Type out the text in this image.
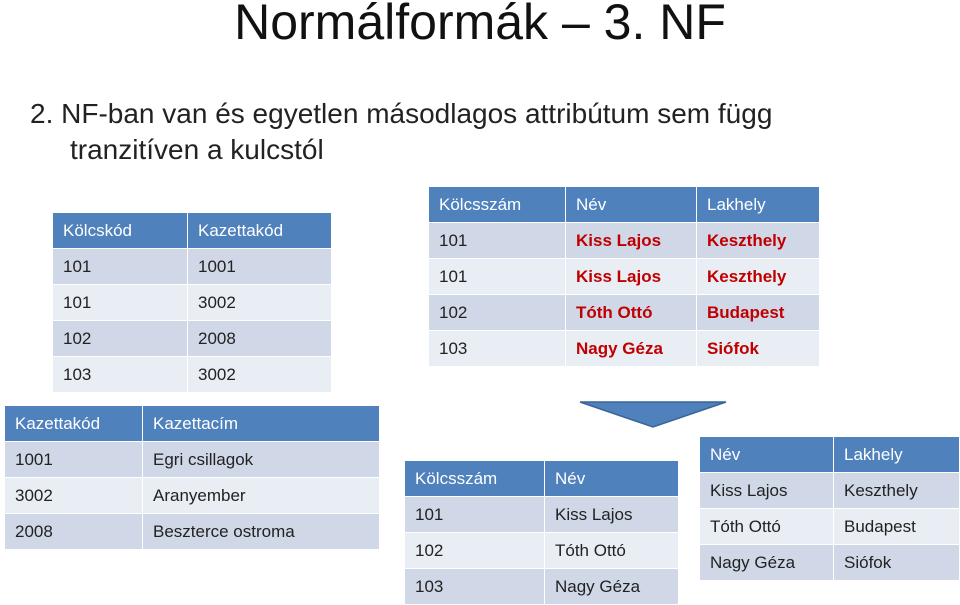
Normálformák – 3. NF
2. NF-ban van és egyetlen másodlagos attribútum sem függ
tranzitíven a kulcstól
Kölcskód	Kazettakód
101	1001
101	3002
102	2008
103	3002
Kölcsszám	Név	Lakhely
101	Kiss Lajos	Keszthely
101	Kiss Lajos	Keszthely
102	Tóth Ottó	Budapest
103	Nagy Géza	Siófok
Kazettakód	Kazettacím
1001	Egri csillagok
3002	Aranyember
2008	Beszterce ostroma
Kölcsszám	Név
101	Kiss Lajos
102	Tóth Ottó
103	Nagy Géza
Név	Lakhely
Kiss Lajos	Keszthely
Tóth Ottó	Budapest
Nagy Géza	Siófok
